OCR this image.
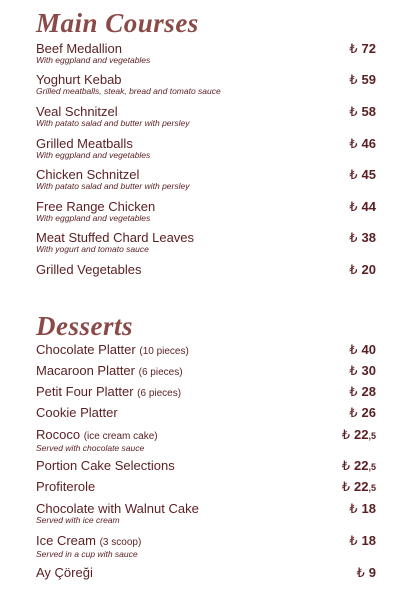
Main Courses
Beef Medallion
With eggpland and vegetables
₺ 72
Yoghurt Kebab
Grilled meatballs, steak, bread and tomato sauce
₺ 59
Veal Schnitzel
With patato salad and butter with persley
₺ 58
Grilled Meatballs
With eggpland and vegetables
₺ 46
Chicken Schnitzel
With patato salad and butter with persley
₺ 45
Free Range Chicken
With eggpland and vegetables
₺ 44
Meat Stuffed Chard Leaves
With yogurt and tomato sauce
₺ 38
Grilled Vegetables	₺ 20
Desserts
Chocolate Platter (10 pieces)	₺ 40
Macaroon Platter (6 pieces)	₺ 30
Petit Four Platter (6 pieces)	₺ 28
Cookie Platter	₺ 26
Rococo (ice cream cake)
Served with chocolate sauce
₺ 22,5
Portion Cake Selections	₺ 22,5
Profiterole	₺ 22,5
Chocolate with Walnut Cake
Served with ice cream
₺ 18
Ice Cream (3 scoop)
Served in a cup with sauce
₺ 18
Ay Çöreği	₺ 9
